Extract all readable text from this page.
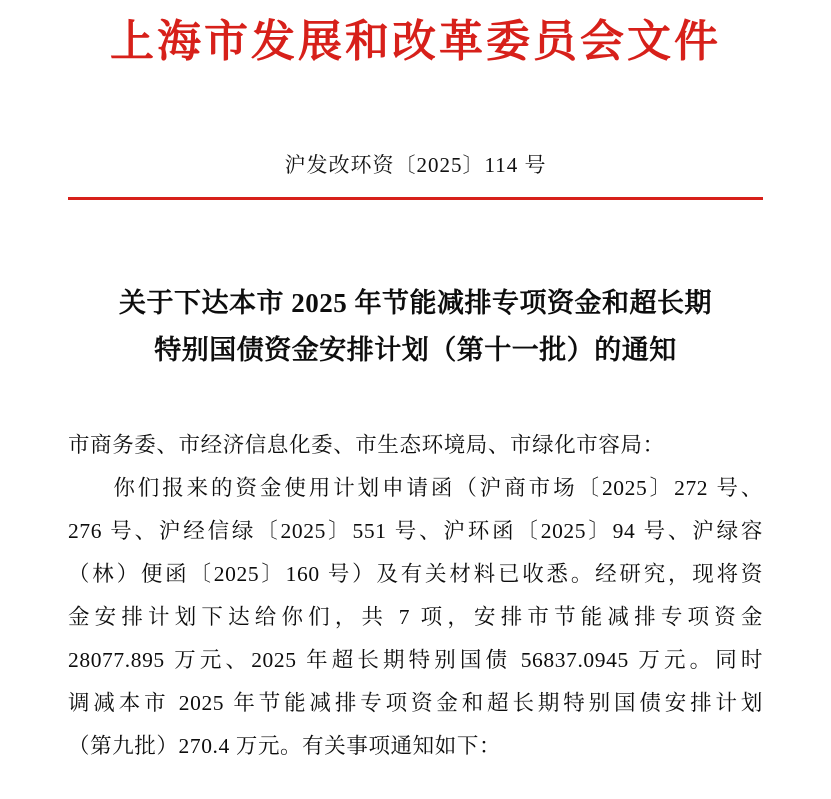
上海市发展和改革委员会文件
沪发改环资〔2025〕114 号
关于下达本市 2025 年节能减排专项资金和超长期
特别国债资金安排计划（第十一批）的通知

市商务委、市经济信息化委、市生态环境局、市绿化市容局：

你们报来的资金使用计划申请函（沪商市场〔2025〕272 号、

276 号、沪经信绿〔2025〕551 号、沪环函〔2025〕94 号、沪绿容

（林）便函〔2025〕160 号）及有关材料已收悉。经研究，现将资

金安排计划下达给你们，共 7 项，安排市节能减排专项资金

28077.895 万元、2025 年超长期特别国债 56837.0945 万元。同时

调减本市 2025 年节能减排专项资金和超长期特别国债安排计划

（第九批）270.4 万元。有关事项通知如下：
